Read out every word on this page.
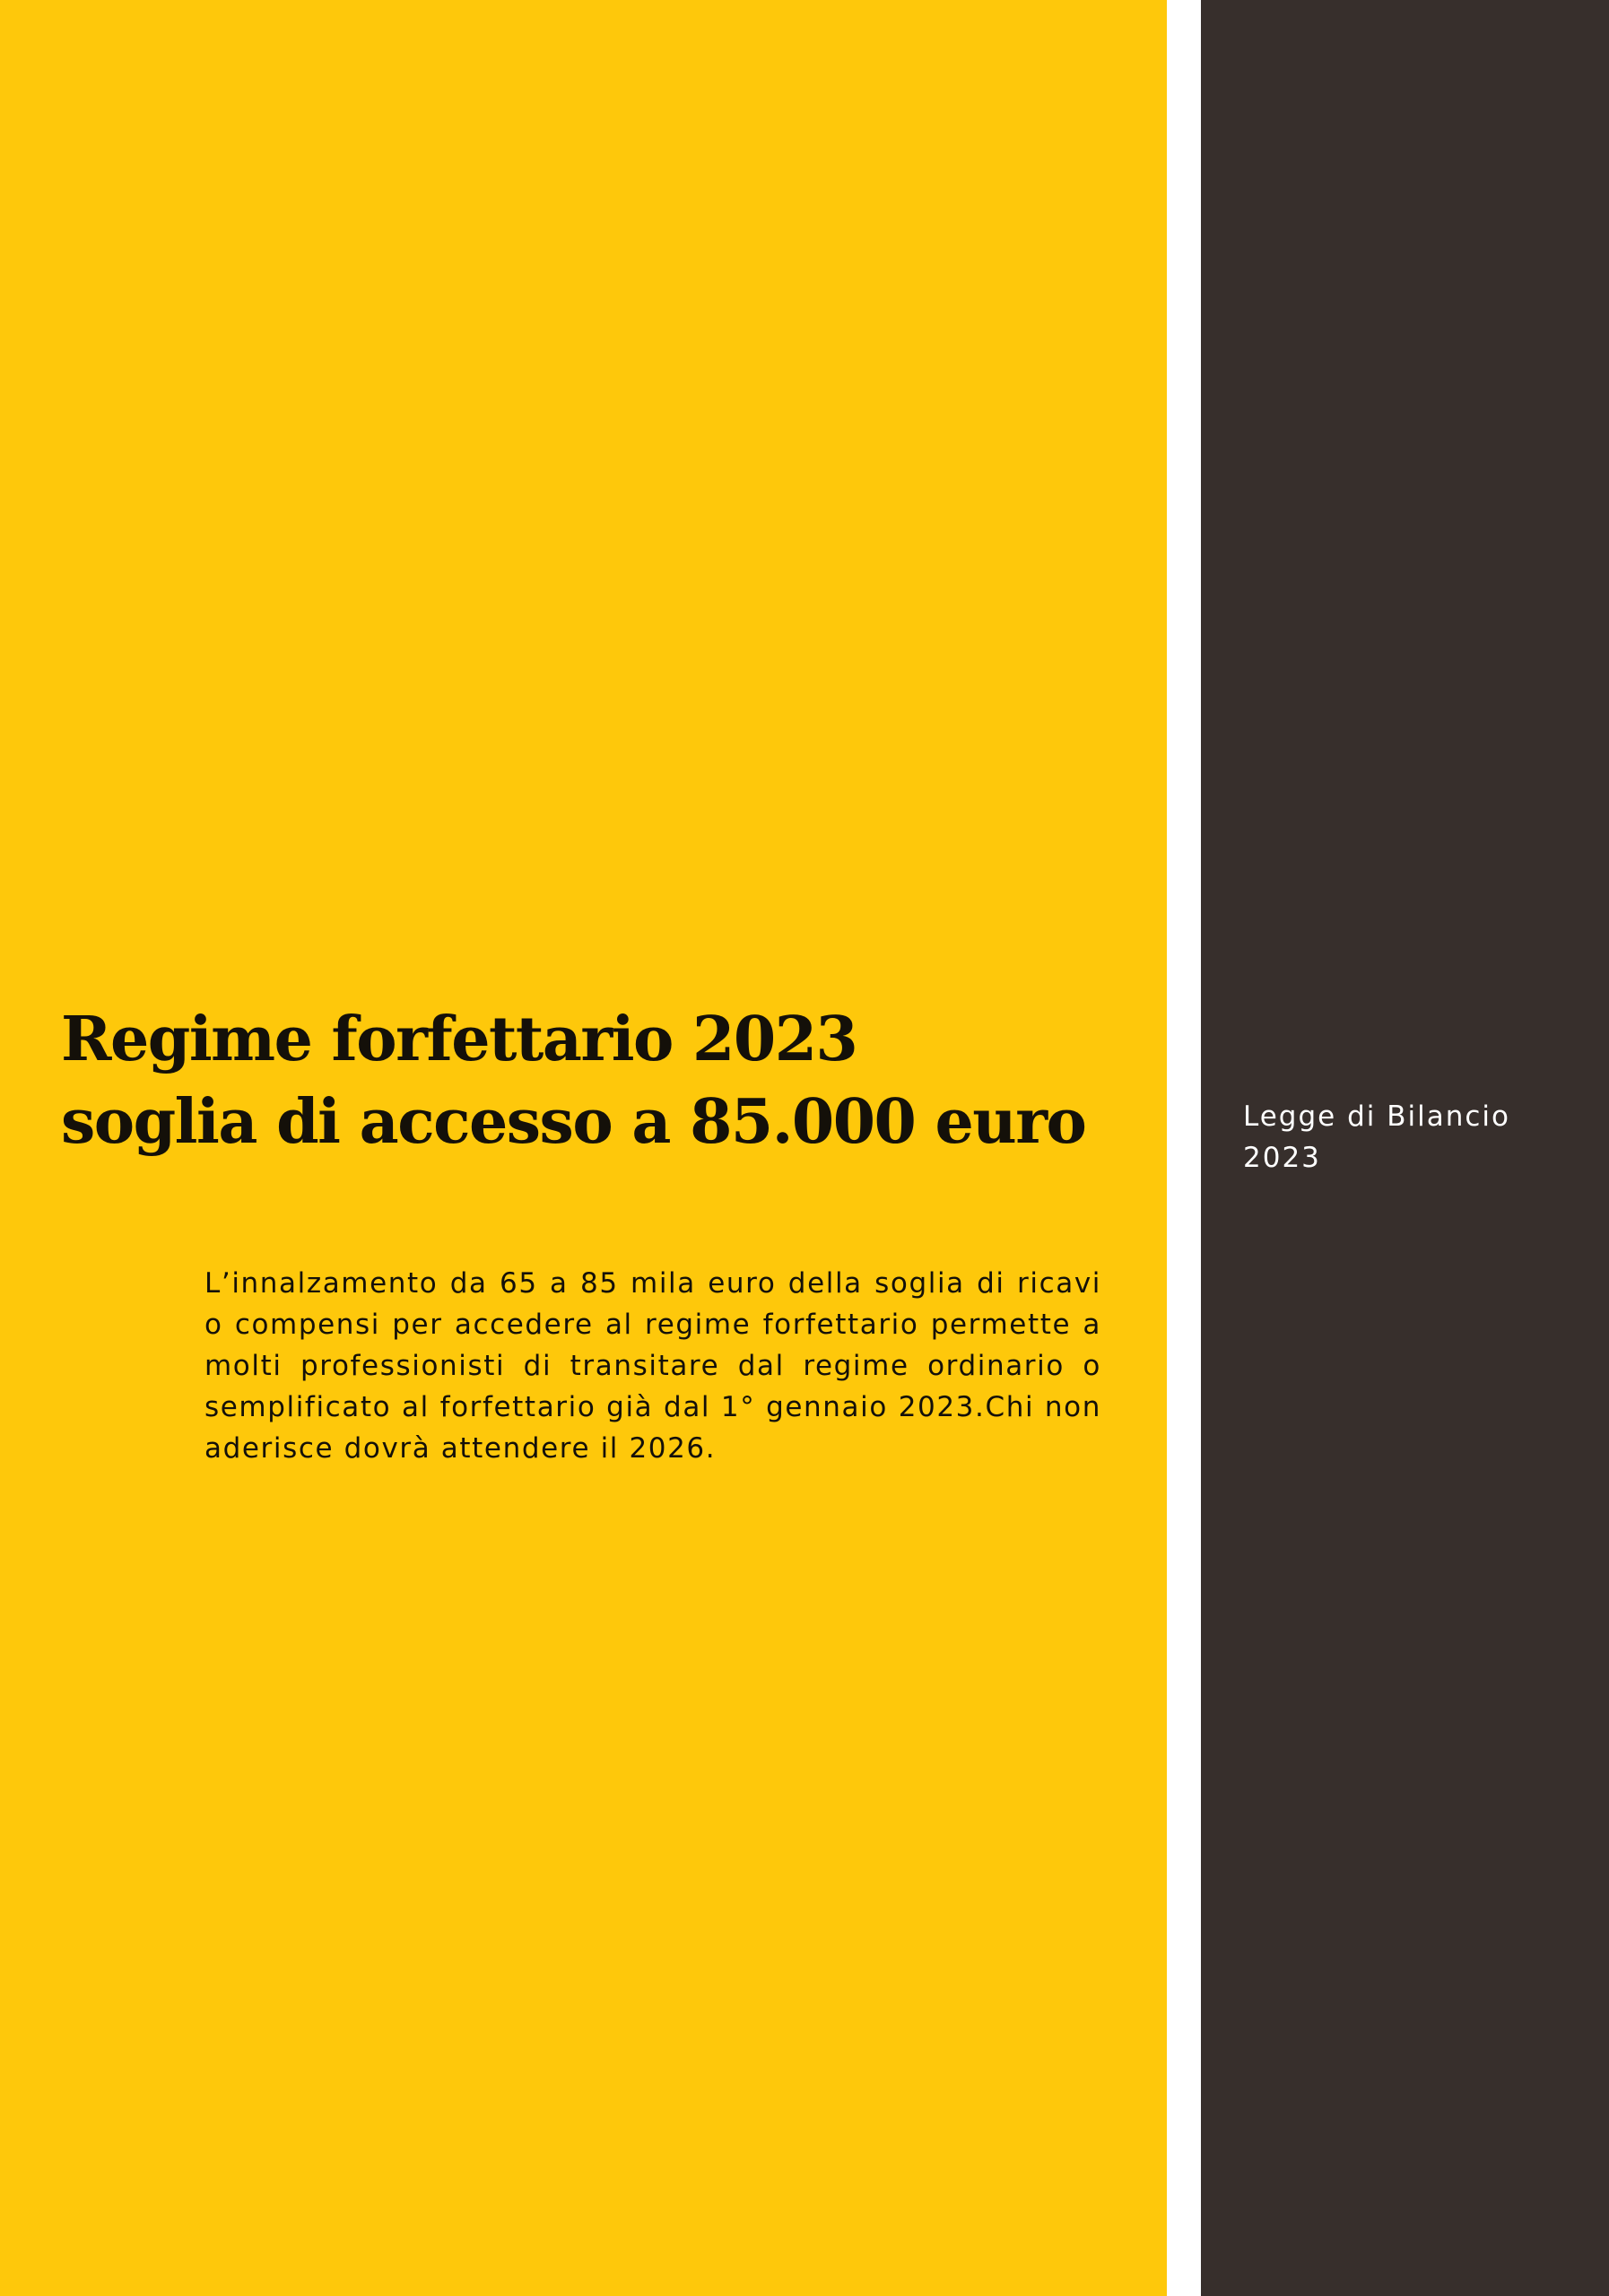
Regime forfettario 2023
soglia di accesso a 85.000 euro

L’innalzamento da 65 a 85 mila euro della soglia di ricavi o compensi per accedere al regime forfettario permette a molti professionisti di transitare dal regime ordinario o semplificato al forfettario già dal 1° gennaio 2023.Chi non aderisce dovrà attendere il 2026.

Legge di Bilancio 2023
